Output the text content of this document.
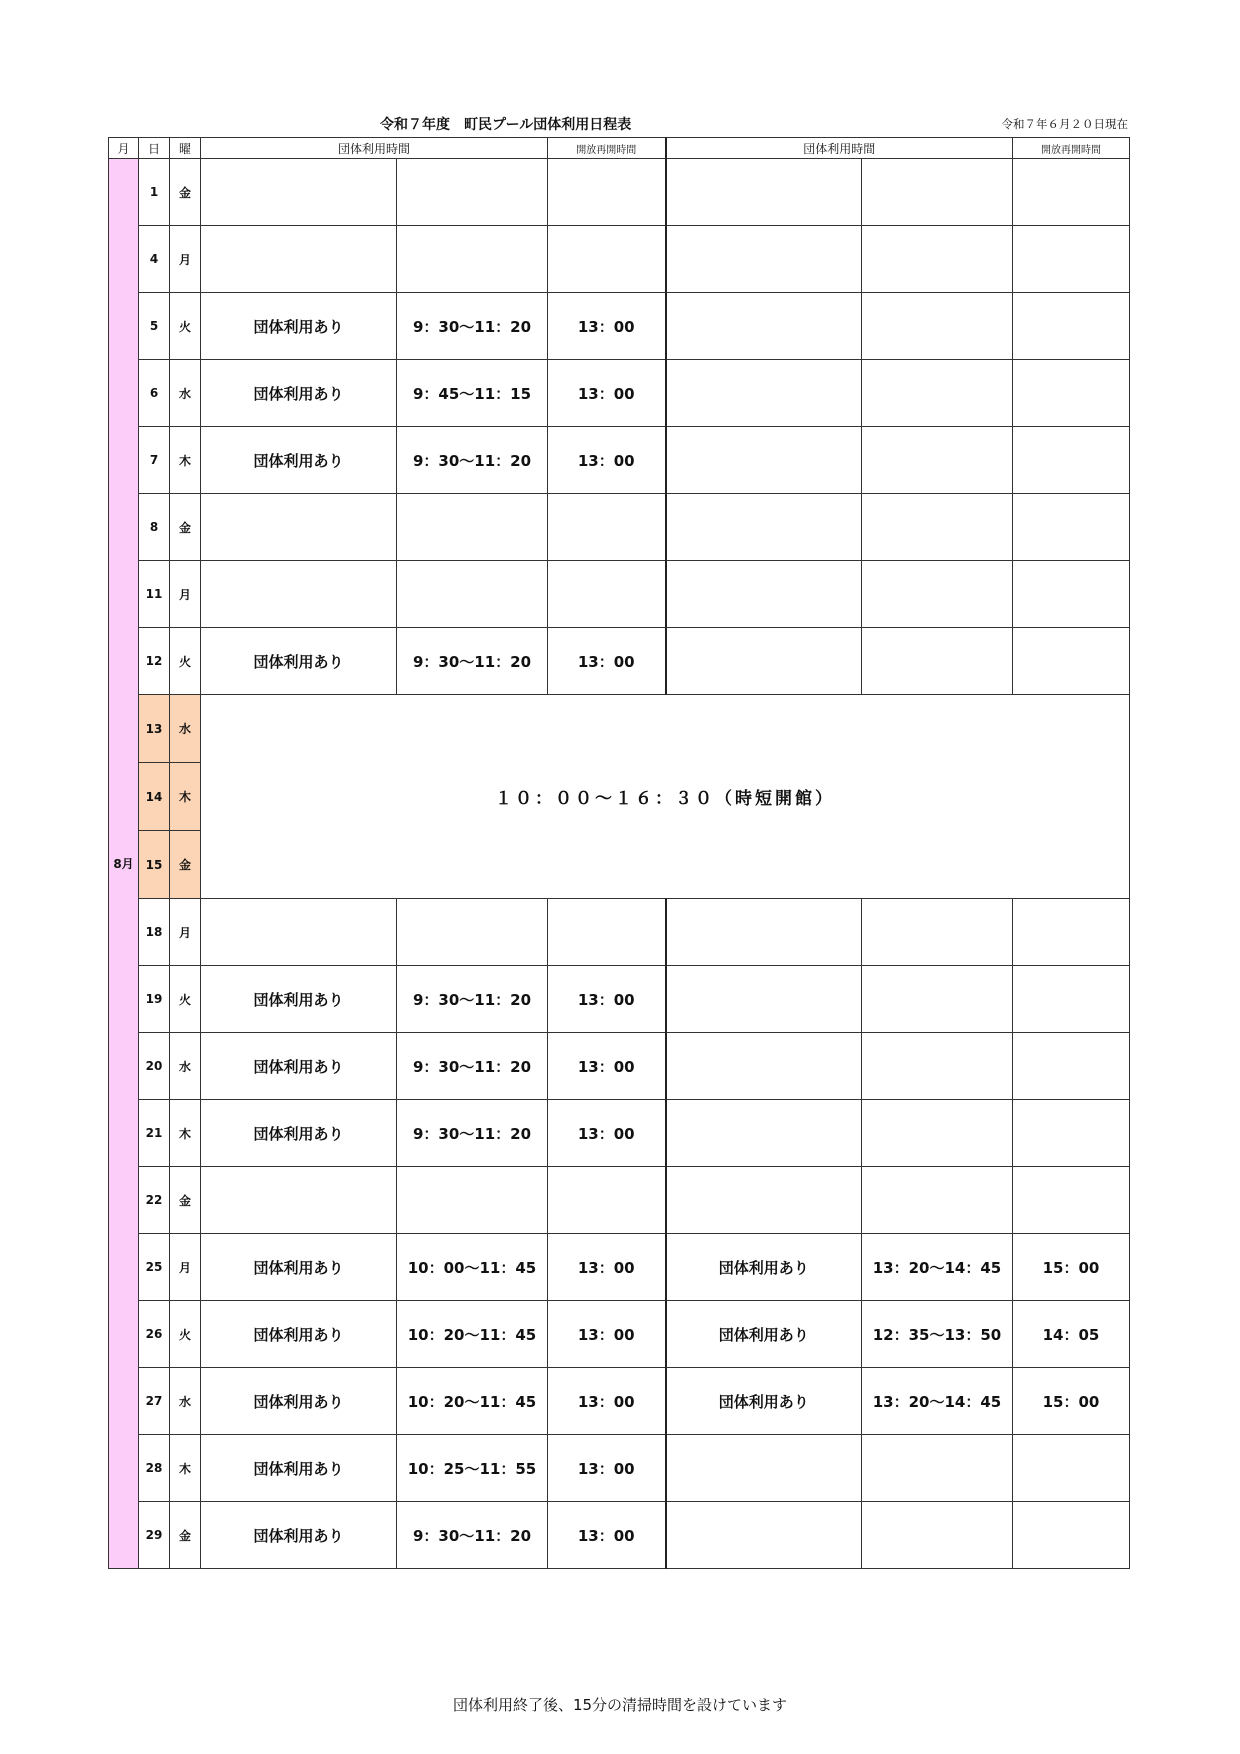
令和７年度　町民プール団体利用日程表	令和７年６月２０日現在
月	日	曜	団体利用時間		開放再開時間	団体利用時間		開放再開時間
8月	1	金						
	4	月						
	5	火	団体利用あり	9：30～11：20	13：00			
	6	水	団体利用あり	9：45～11：15	13：00			
	7	木	団体利用あり	9：30～11：20	13：00			
	8	金						
	11	月						
	12	火	団体利用あり	9：30～11：20	13：00			
	13	水	１０：００～１６：３０（時短開館）					
	14	木						
	15	金						
	18	月						
	19	火	団体利用あり	9：30～11：20	13：00			
	20	水	団体利用あり	9：30～11：20	13：00			
	21	木	団体利用あり	9：30～11：20	13：00			
	22	金						
	25	月	団体利用あり	10：00～11：45	13：00	団体利用あり	13：20～14：45	15：00
	26	火	団体利用あり	10：20～11：45	13：00	団体利用あり	12：35～13：50	14：05
	27	水	団体利用あり	10：20～11：45	13：00	団体利用あり	13：20～14：45	15：00
	28	木	団体利用あり	10：25～11：55	13：00			
	29	金	団体利用あり	9：30～11：20	13：00			
団体利用終了後、15分の清掃時間を設けています
